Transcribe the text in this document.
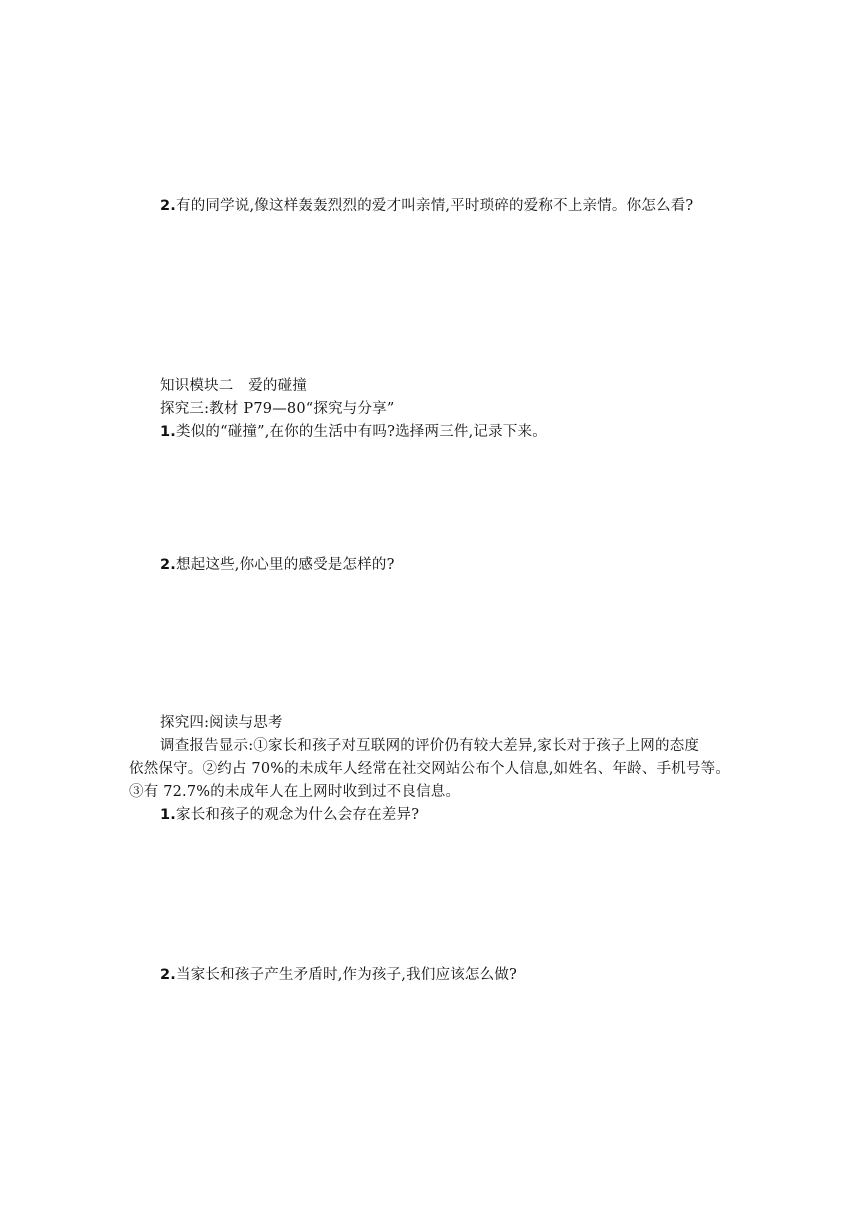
2.有的同学说,像这样轰轰烈烈的爱才叫亲情,平时琐碎的爱称不上亲情。你怎么看?
知识模块二　爱的碰撞
探究三:教材 P79—80“探究与分享”
1.类似的“碰撞”,在你的生活中有吗?选择两三件,记录下来。
2.想起这些,你心里的感受是怎样的?
探究四:阅读与思考
调查报告显示:①家长和孩子对互联网的评价仍有较大差异,家长对于孩子上网的态度
依然保守。②约占 70%的未成年人经常在社交网站公布个人信息,如姓名、年龄、手机号等。
③有 72.7%的未成年人在上网时收到过不良信息。
1.家长和孩子的观念为什么会存在差异?
2.当家长和孩子产生矛盾时,作为孩子,我们应该怎么做?
